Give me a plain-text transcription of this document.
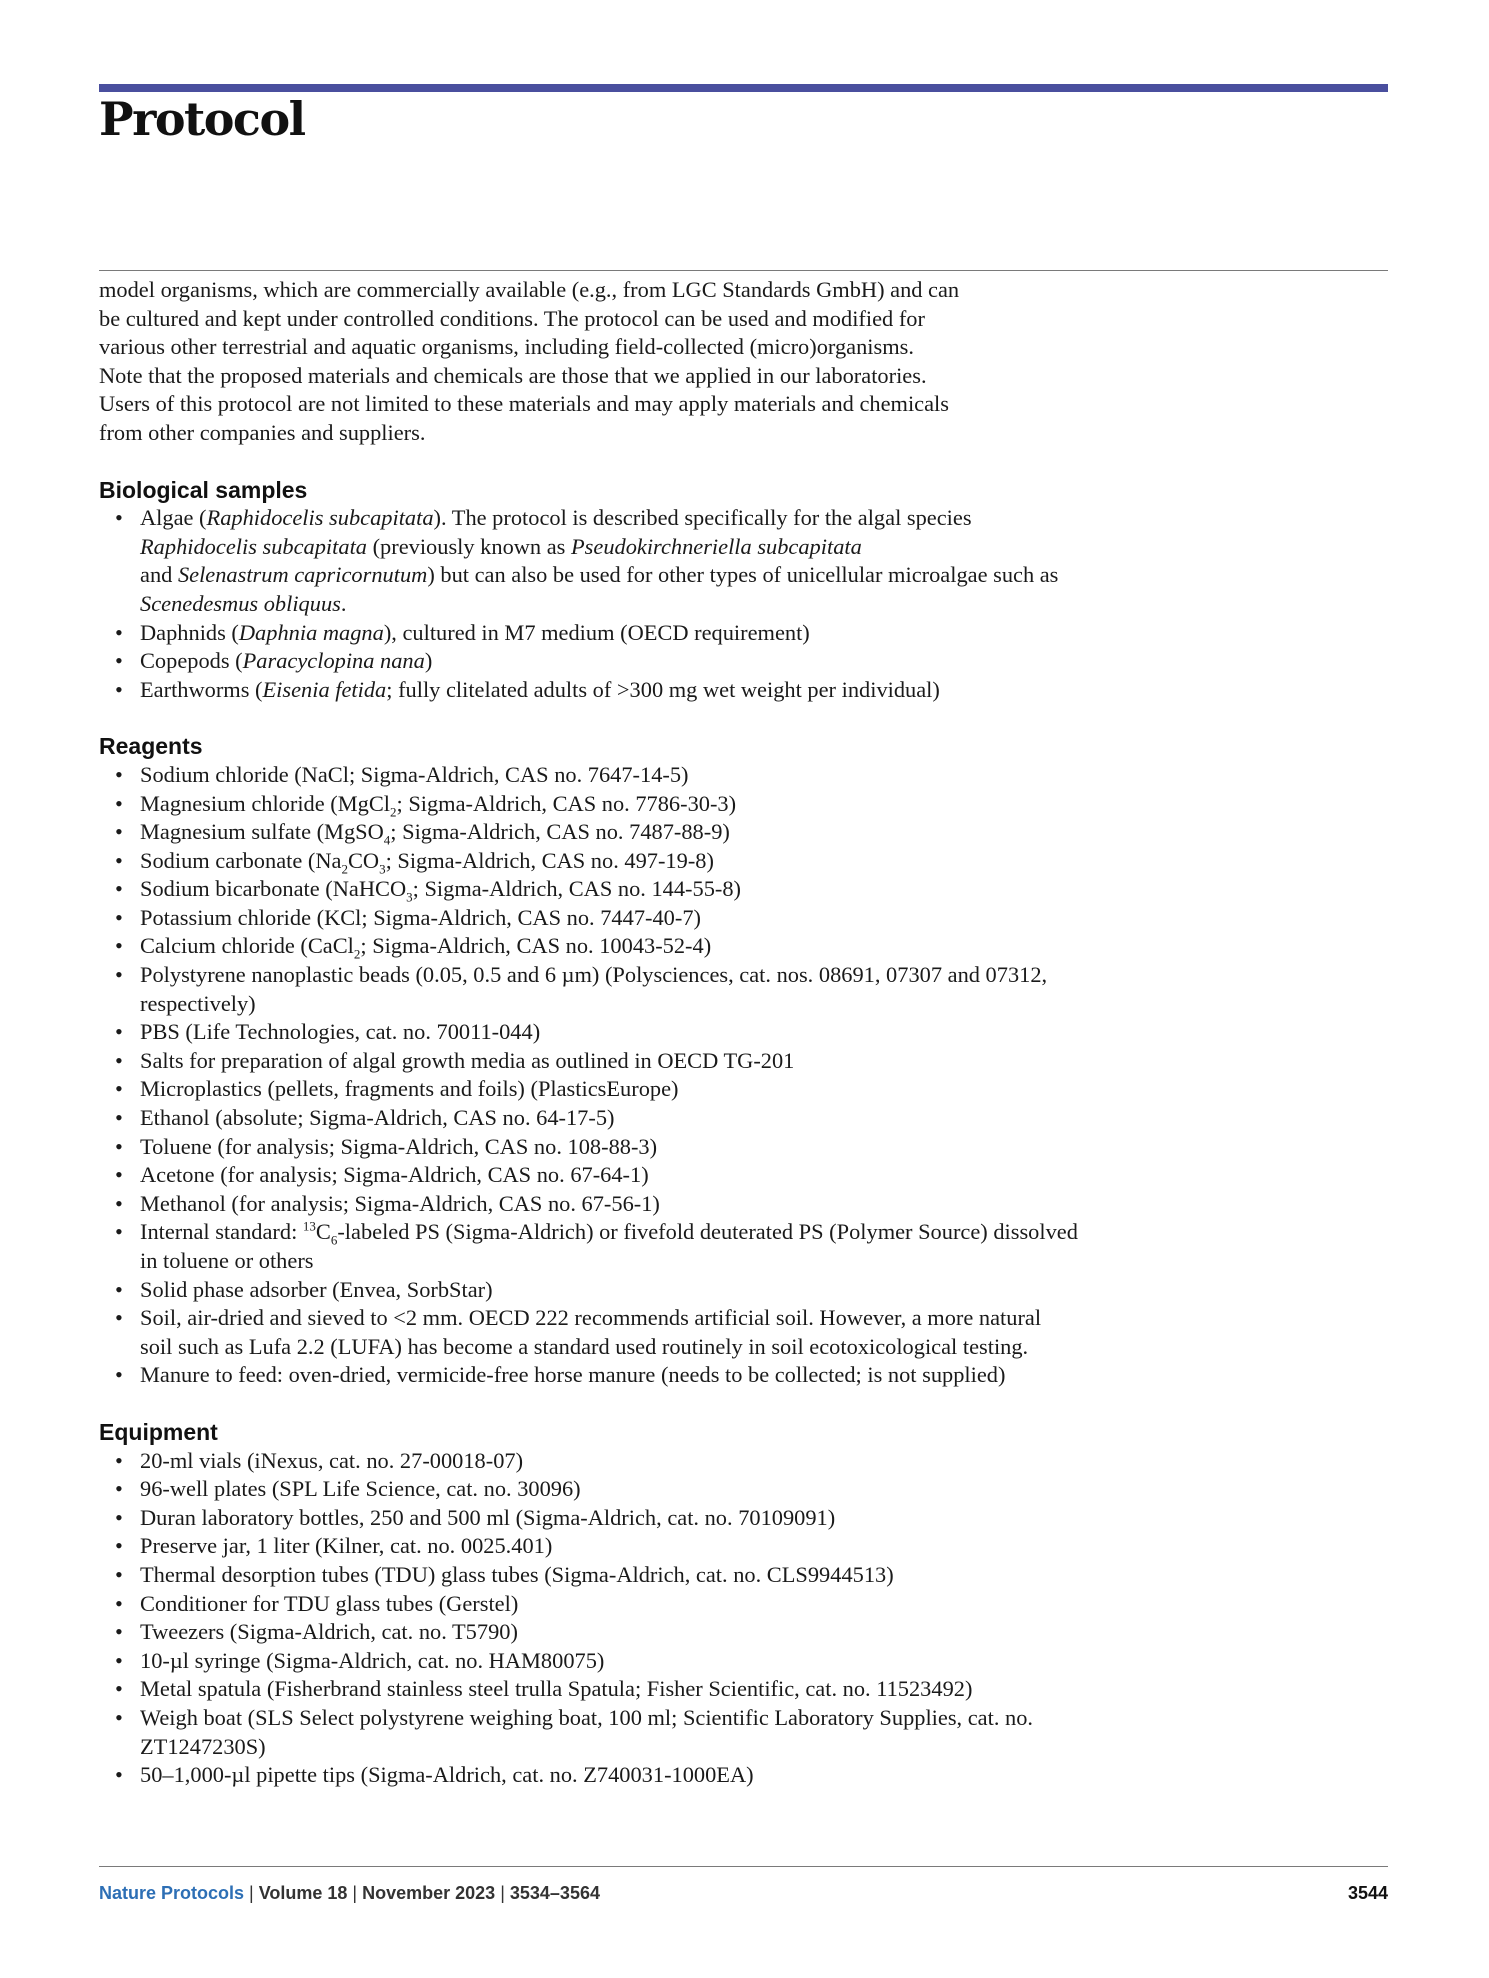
Protocol

model organisms, which are commercially available (e.g., from LGC Standards GmbH) and can
be cultured and kept under controlled conditions. The protocol can be used and modified for
various other terrestrial and aquatic organisms, including field-collected (micro)organisms.
Note that the proposed materials and chemicals are those that we applied in our laboratories.
Users of this protocol are not limited to these materials and may apply materials and chemicals
from other companies and suppliers.

Biological samples
• Algae (Raphidocelis subcapitata). The protocol is described specifically for the algal species Raphidocelis subcapitata (previously known as Pseudokirchneriella subcapitata
and Selenastrum capricornutum) but can also be used for other types of unicellular microalgae such as Scenedesmus obliquus.
• Daphnids (Daphnia magna), cultured in M7 medium (OECD requirement)
• Copepods (Paracyclopina nana)
• Earthworms (Eisenia fetida; fully clitelated adults of >300 mg wet weight per individual)
Reagents
• Sodium chloride (NaCl; Sigma-Aldrich, CAS no. 7647-14-5)
• Magnesium chloride (MgCl$_2$; Sigma-Aldrich, CAS no. 7786-30-3)
• Magnesium sulfate (MgSO$_4$; Sigma-Aldrich, CAS no. 7487-88-9)
• Sodium carbonate ($Na_2CO_3$; Sigma-Aldrich, CAS no. 497-19-8)
• Sodium bicarbonate (NaHCO$_3$; Sigma-Aldrich, CAS no. 144-55-8)
• Potassium chloride (KCl; Sigma-Aldrich, CAS no. 7447-40-7)
• Calcium chloride (CaCl$_2$; Sigma-Aldrich, CAS no. 10043-52-4)
• Polystyrene nanoplastic beads (0.05, 0.5 and 6 µm) (Polysciences, cat. nos. 08691, 07307 and 07312, respectively)
• PBS (Life Technologies, cat. no. 70011-044)
• Salts for preparation of algal growth media as outlined in OECD TG-201
• Microplastics (pellets, fragments and foils) (PlasticsEurope)
• Ethanol (absolute; Sigma-Aldrich, CAS no. 64-17-5)
• Toluene (for analysis; Sigma-Aldrich, CAS no. 108-88-3)
• Acetone (for analysis; Sigma-Aldrich, CAS no. 67-64-1)
• Methanol (for analysis; Sigma-Aldrich, CAS no. 67-56-1)
• Internal standard: $^{13}C_6$-labeled PS (Sigma-Aldrich) or fivefold deuterated PS (Polymer Source) dissolved in toluene or others
• Solid phase adsorber (Envea, SorbStar)
• Soil, air-dried and sieved to <2 mm. OECD 222 recommends artificial soil. However, a more natural soil such as Lufa 2.2 (LUFA) has become a standard used routinely in soil ecotoxicological testing.
• Manure to feed: oven-dried, vermicide-free horse manure (needs to be collected; is not supplied)
Equipment
• 20-ml vials (iNexus, cat. no. 27-00018-07)
• 96-well plates (SPL Life Science, cat. no. 30096)
• Duran laboratory bottles, 250 and 500 ml (Sigma-Aldrich, cat. no. 70109091)
• Preserve jar, 1 liter (Kilner, cat. no. 0025.401)
• Thermal desorption tubes (TDU) glass tubes (Sigma-Aldrich, cat. no. CLS9944513)
• Conditioner for TDU glass tubes (Gerstel)
• Tweezers (Sigma-Aldrich, cat. no. T5790)
• 10-µl syringe (Sigma-Aldrich, cat. no. HAM80075)
• Metal spatula (Fisherbrand stainless steel trulla Spatula; Fisher Scientific, cat. no. 11523492)
• Weigh boat (SLS Select polystyrene weighing boat, 100 ml; Scientific Laboratory Supplies, cat. no. ZT1247230S)
• 50–1,000-µl pipette tips (Sigma-Aldrich, cat. no. Z740031-1000EA)
Nature Protocols | Volume 18 | November 2023 | 3534–3564	3544
